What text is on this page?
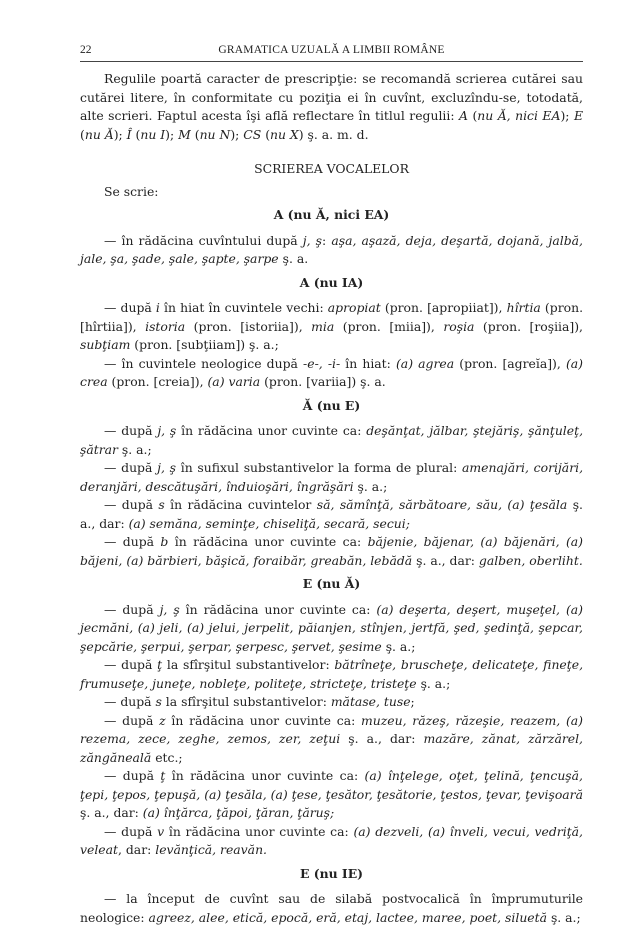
22	GRAMATICA UZUALĂ A LIMBII ROMÂNE

Regulile poartă caracter de prescripţie: se recomandă scrierea cutărei sau cutărei litere, în conformitate cu poziţia ei în cuvînt, excluzîndu-se, totodată, alte scrieri. Faptul acesta îşi află reflectare în titlul regulii: A (nu Ă, nici EA); E (nu Ă); Î (nu I); M (nu N); CS (nu X) ş. a. m. d.

SCRIEREA VOCALELOR

Se scrie:

A (nu Ă, nici EA)

— în rădăcina cuvîntului după j, ş: aşa, aşază, deja, deşartă, dojană, jalbă, jale, şa, şade, şale, şapte, şarpe ş. a.

A (nu IA)

— după i în hiat în cuvintele vechi: apropiat (pron. [apropiiat]), hîrtia (pron. [hîrtiia]), istoria (pron. [istoriia]), mia (pron. [miia]), roşia (pron. [roşiia]), subţiam (pron. [subţiiam]) ş. a.;

— în cuvintele neologice după -e-, -i- în hiat: (a) agrea (pron. [agreĭa]), (a) crea (pron. [creia]), (a) varia (pron. [variia]) ş. a.

Ă (nu E)

— după j, ş în rădăcina unor cuvinte ca: deşănţat, jălbar, ştejăriş, şănţuleţ, şătrar ş. a.;

— după j, ş în sufixul substantivelor la forma de plural: amenajări, corijări, deranjări, descătuşări, înduioşări, îngrăşări ş. a.;

— după s în rădăcina cuvintelor să, sămînţă, sărbătoare, său, (a) ţesăla ş. a., dar: (a) semăna, seminţe, chiseliţă, secară, secui;

— după b în rădăcina unor cuvinte ca: băjenie, băjenar, (a) băjenări, (a) băjeni, (a) bărbieri, băşică, foraibăr, greabăn, lebădă ş. a., dar: galben, oberliht.

E (nu Ă)

— după j, ş în rădăcina unor cuvinte ca: (a) deşerta, deşert, muşeţel, (a) jecmăni, (a) jeli, (a) jelui, jerpelit, păianjen, stînjen, jertfă, şed, şedinţă, şepcar, şepcărie, şerpui, şerpar, şerpesc, şervet, şesime ş. a.;

— după ţ la sfîrşitul substantivelor: bătrîneţe, bruscheţe, delicateţe, fineţe, frumuseţe, juneţe, nobleţe, politeţe, stricteţe, tristeţe ş. a.;

— după s la sfîrşitul substantivelor: mătase, tuse;

— după z în rădăcina unor cuvinte ca: muzeu, răzeş, răzeşie, reazem, (a) rezema, zece, zeghe, zemos, zer, zeţui ş. a., dar: mazăre, zănat, zărzărel, zăngăneală etc.;

— după ţ în rădăcina unor cuvinte ca: (a) înţelege, oţet, ţelină, ţencuşă, ţepi, ţepos, ţepuşă, (a) ţesăla, (a) ţese, ţesător, ţesătorie, ţestos, ţevar, ţevişoară ş. a., dar: (a) înţărca, ţăpoi, ţăran, ţăruş;

— după v în rădăcina unor cuvinte ca: (a) dezveli, (a) înveli, vecui, vedriţă, veleat, dar: levănţică, reavăn.

E (nu IE)

— la început de cuvînt sau de silabă postvocalică în împrumuturile neologice: agreez, alee, etică, epocă, eră, etaj, lactee, maree, poet, siluetă ş. a.;
